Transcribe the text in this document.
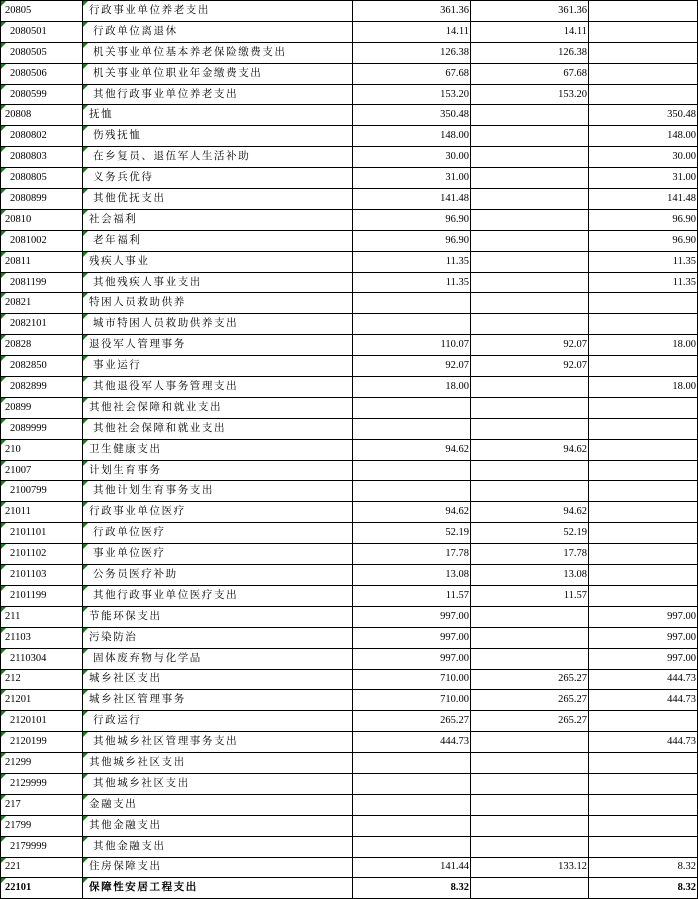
20805	行政事业单位养老支出	361.36	361.36	

2080501	行政单位离退休	14.11	14.11	

2080505	机关事业单位基本养老保险缴费支出	126.38	126.38	

2080506	机关事业单位职业年金缴费支出	67.68	67.68	

2080599	其他行政事业单位养老支出	153.20	153.20	

20808	抚恤	350.48		350.48

2080802	伤残抚恤	148.00		148.00

2080803	在乡复员、退伍军人生活补助	30.00		30.00

2080805	义务兵优待	31.00		31.00

2080899	其他优抚支出	141.48		141.48

20810	社会福利	96.90		96.90

2081002	老年福利	96.90		96.90

20811	残疾人事业	11.35		11.35

2081199	其他残疾人事业支出	11.35		11.35

20821	特困人员救助供养			

2082101	城市特困人员救助供养支出			

20828	退役军人管理事务	110.07	92.07	18.00

2082850	事业运行	92.07	92.07	

2082899	其他退役军人事务管理支出	18.00		18.00

20899	其他社会保障和就业支出			

2089999	其他社会保障和就业支出			

210	卫生健康支出	94.62	94.62	

21007	计划生育事务			

2100799	其他计划生育事务支出			

21011	行政事业单位医疗	94.62	94.62	

2101101	行政单位医疗	52.19	52.19	

2101102	事业单位医疗	17.78	17.78	

2101103	公务员医疗补助	13.08	13.08	

2101199	其他行政事业单位医疗支出	11.57	11.57	

211	节能环保支出	997.00		997.00

21103	污染防治	997.00		997.00

2110304	固体废弃物与化学品	997.00		997.00

212	城乡社区支出	710.00	265.27	444.73

21201	城乡社区管理事务	710.00	265.27	444.73

2120101	行政运行	265.27	265.27	

2120199	其他城乡社区管理事务支出	444.73		444.73

21299	其他城乡社区支出			

2129999	其他城乡社区支出			

217	金融支出			

21799	其他金融支出			

2179999	其他金融支出			

221	住房保障支出	141.44	133.12	8.32

22101	保障性安居工程支出	8.32		8.32
